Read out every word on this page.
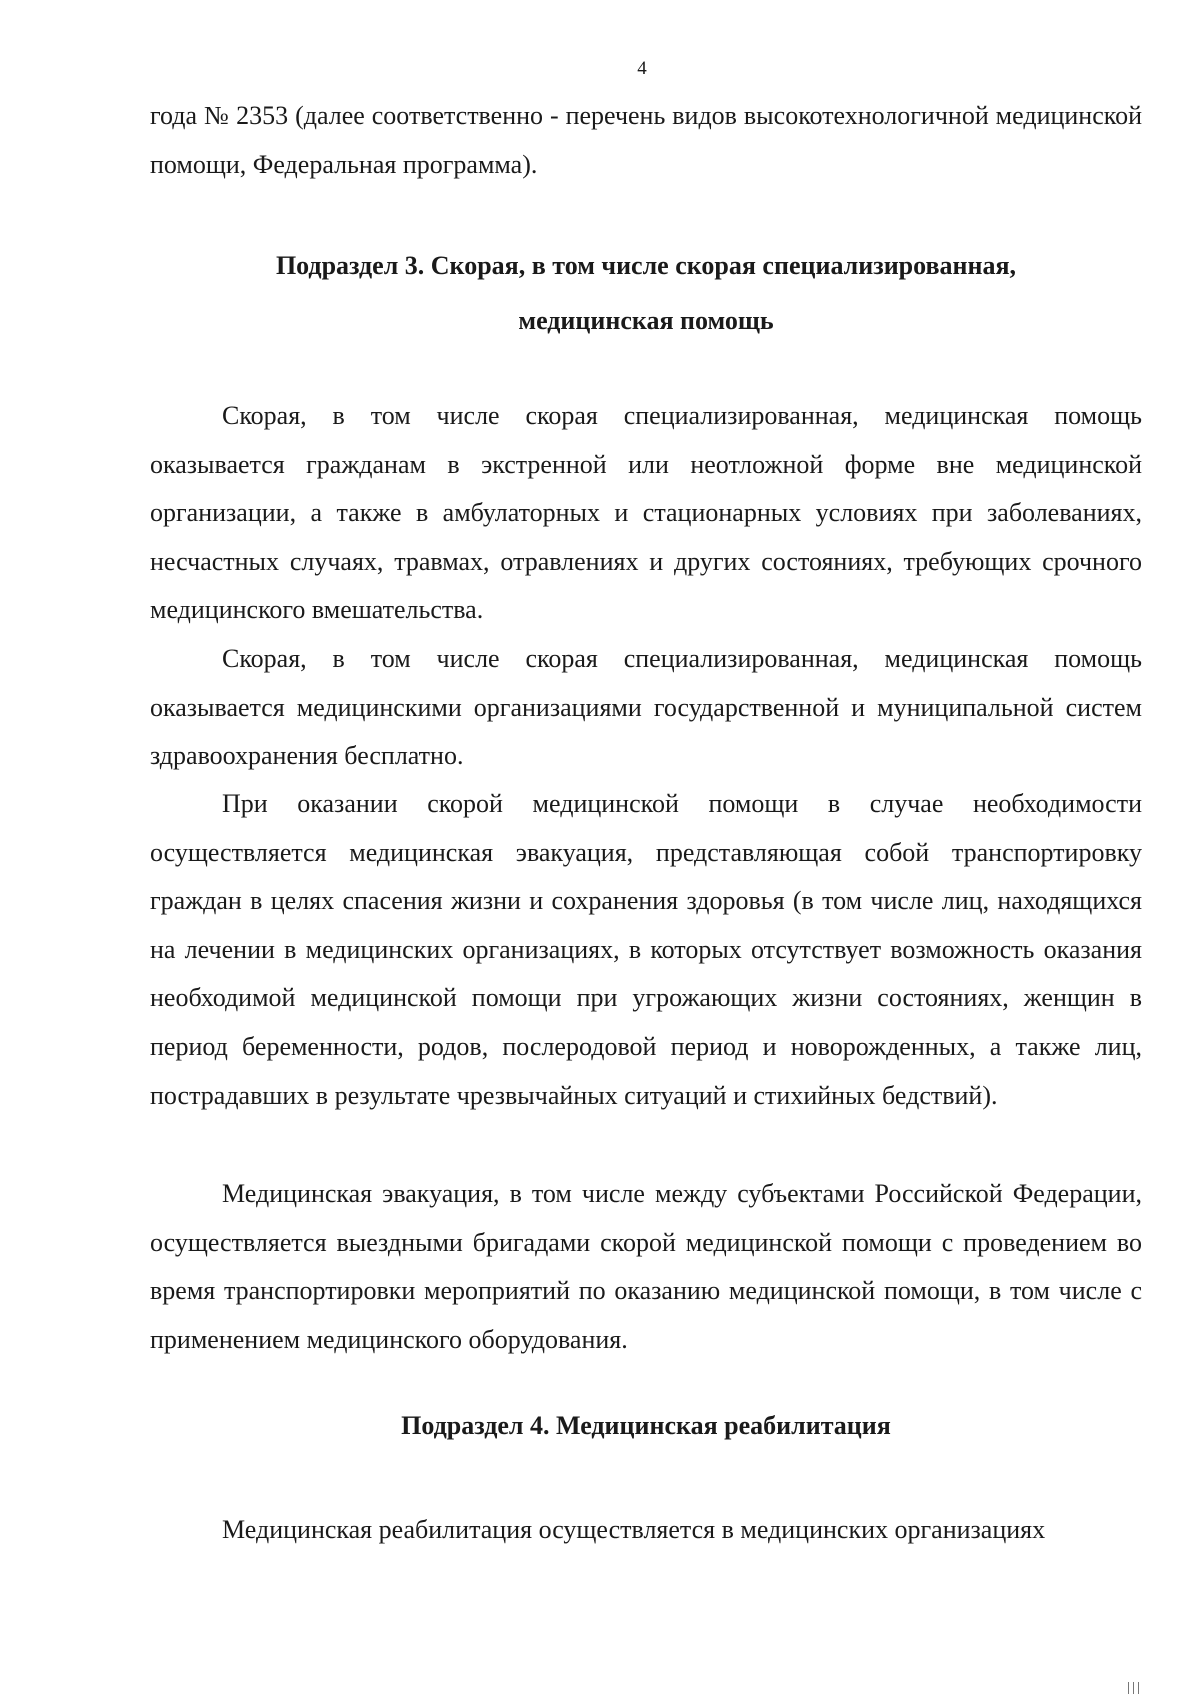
4
года № 2353 (далее соответственно - перечень видов высокотехнологичной медицинской помощи, Федеральная программа).
Подраздел 3. Скорая, в том числе скорая специализированная,
медицинская помощь
Скорая, в том числе скорая специализированная, медицинская помощь оказывается гражданам в экстренной или неотложной форме вне медицинской организации, а также в амбулаторных и стационарных условиях при заболеваниях, несчастных случаях, травмах, отравлениях и других состояниях, требующих срочного медицинского вмешательства.
Скорая, в том числе скорая специализированная, медицинская помощь оказывается медицинскими организациями государственной и муниципальной систем здравоохранения бесплатно.
При оказании скорой медицинской помощи в случае необходимости осуществляется медицинская эвакуация, представляющая собой транспортировку граждан в целях спасения жизни и сохранения здоровья (в том числе лиц, находящихся на лечении в медицинских организациях, в которых отсутствует возможность оказания необходимой медицинской помощи при угрожающих жизни состояниях, женщин в период беременности, родов, послеродовой период и новорожденных, а также лиц, пострадавших в результате чрезвычайных ситуаций и стихийных бедствий).
Медицинская эвакуация, в том числе между субъектами Российской Федерации, осуществляется выездными бригадами скорой медицинской помощи с проведением во время транспортировки мероприятий по оказанию медицинской помощи, в том числе с применением медицинского оборудования.
Подраздел 4. Медицинская реабилитация
Медицинская реабилитация осуществляется в медицинских организациях
